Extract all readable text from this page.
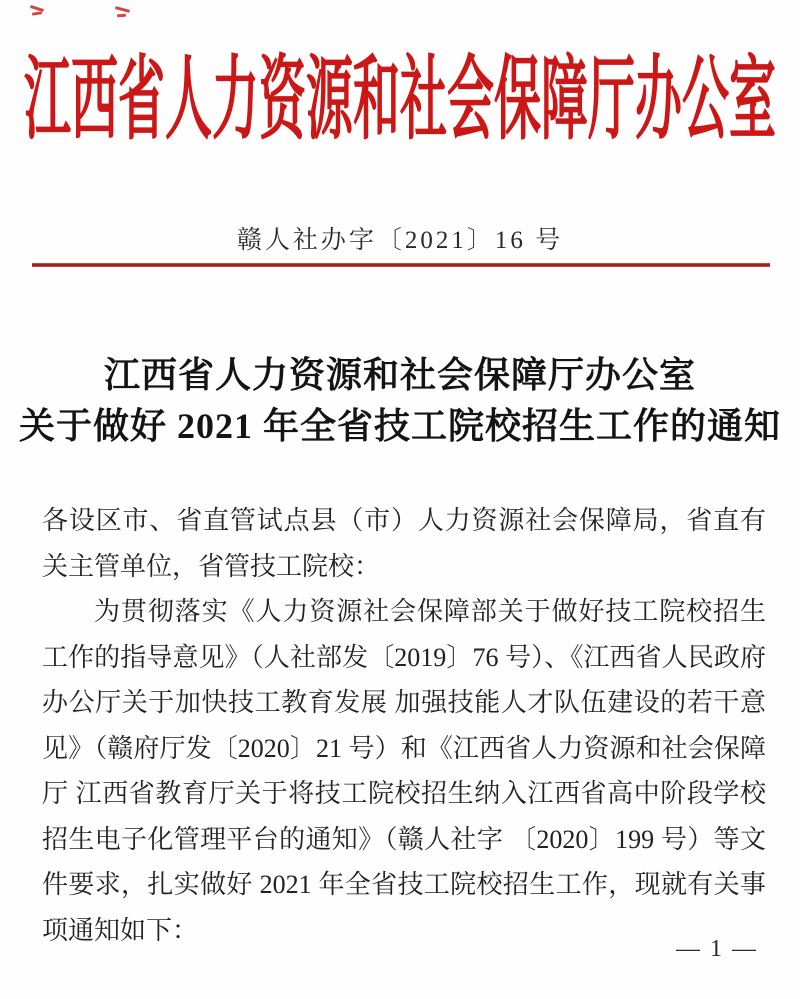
江西省人力资源和社会保障厅办公室
赣人社办字〔2021〕16 号
江西省人力资源和社会保障厅办公室
关于做好 2021 年全省技工院校招生工作的通知

各设区市、省直管试点县（市）人力资源社会保障局，省直有关主管单位，省管技工院校：

为贯彻落实《人力资源社会保障部关于做好技工院校招生工作的指导意见》（人社部发〔2019〕76 号）、《江西省人民政府办公厅关于加快技工教育发展 加强技能人才队伍建设的若干意见》（赣府厅发〔2020〕21 号）和《江西省人力资源和社会保障厅 江西省教育厅关于将技工院校招生纳入江西省高中阶段学校招生电子化管理平台的通知》（赣人社字 〔2020〕199 号）等文件要求，扎实做好 2021 年全省技工院校招生工作，现就有关事项通知如下：

— 1 —
